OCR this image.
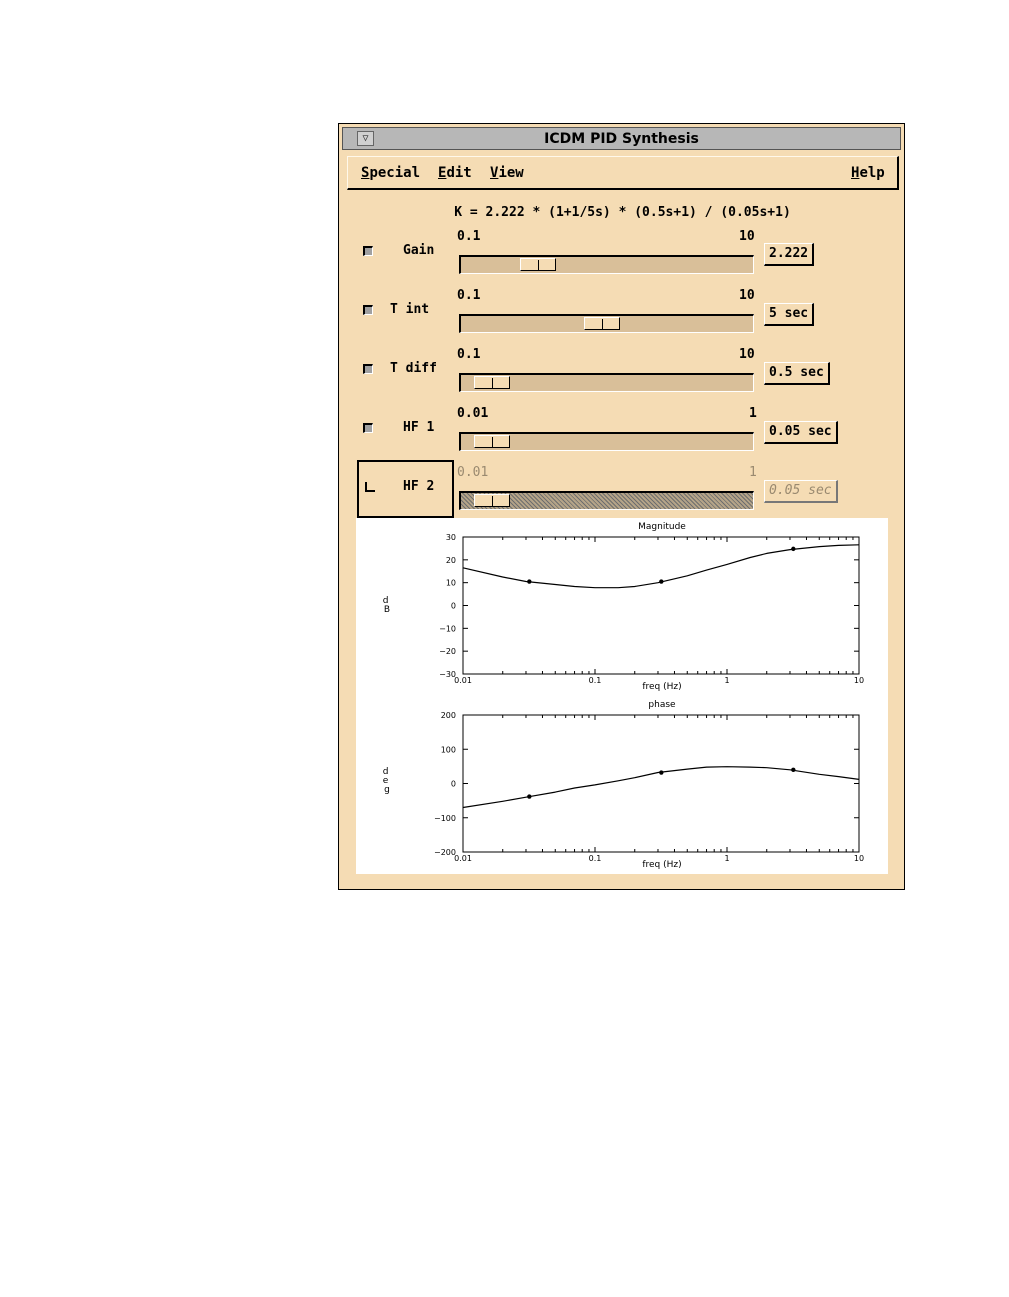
▽	ICDM PID Synthesis
Special Edit View	Help
K = 2.222 * (1+1/5s) * (0.5s+1) / (0.05s+1)
Gain
0.1	10
2.222
T int
0.1	10
5 sec
T diff
0.1	10
0.5 sec
HF 1
0.01	1
0.05 sec
HF 2
0.01	1
0.05 sec
Magnitude
d B
freq (Hz)
0.01	0.1	1	10
30
20
10
0
−10
−20
−30
phase
d e g
freq (Hz)
0.01	0.1	1	10
200
100
0
−100
−200
